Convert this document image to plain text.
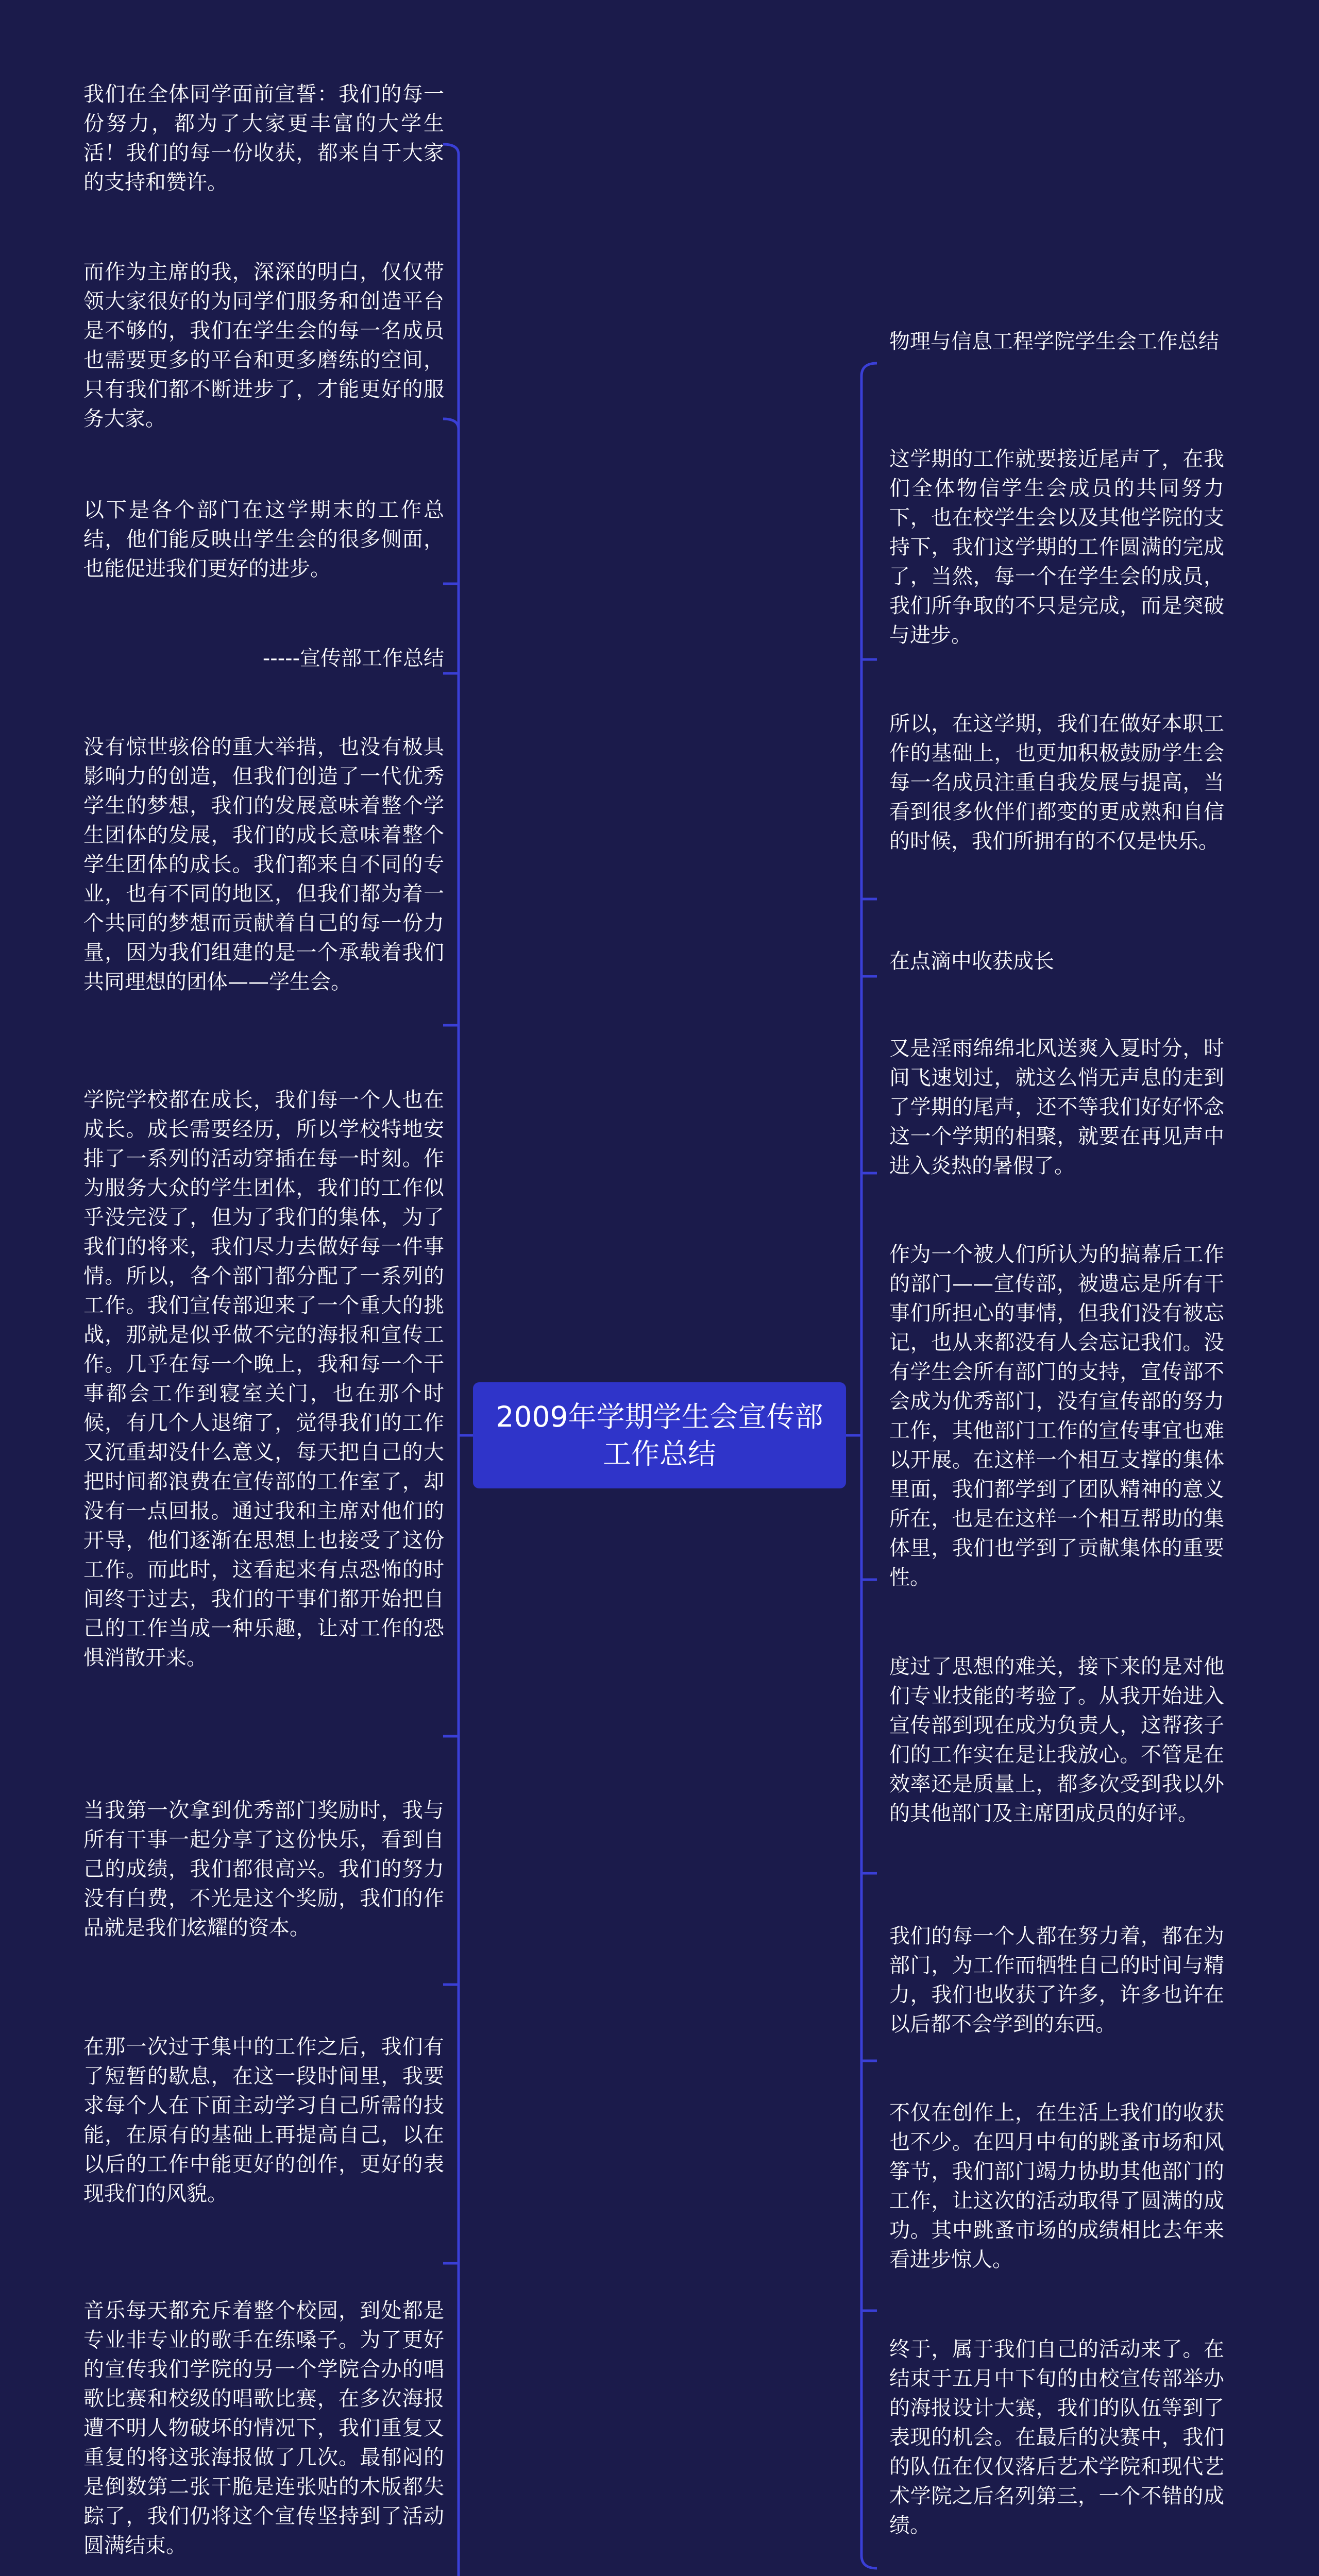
2009年学期学生会宣传部工作总结
我们在全体同学面前宣誓：我们的每一份努力，都为了大家更丰富的大学生活！我们的每一份收获，都来自于大家的支持和赞许。
而作为主席的我，深深的明白，仅仅带领大家很好的为同学们服务和创造平台是不够的，我们在学生会的每一名成员也需要更多的平台和更多磨练的空间，只有我们都不断进步了，才能更好的服务大家。
以下是各个部门在这学期末的工作总结，他们能反映出学生会的很多侧面，也能促进我们更好的进步。
-----宣传部工作总结
没有惊世骇俗的重大举措，也没有极具影响力的创造，但我们创造了一代优秀学生的梦想，我们的发展意味着整个学生团体的发展，我们的成长意味着整个学生团体的成长。我们都来自不同的专业，也有不同的地区，但我们都为着一个共同的梦想而贡献着自己的每一份力量，因为我们组建的是一个承载着我们共同理想的团体——学生会。
学院学校都在成长，我们每一个人也在成长。成长需要经历，所以学校特地安排了一系列的活动穿插在每一时刻。作为服务大众的学生团体，我们的工作似乎没完没了，但为了我们的集体，为了我们的将来，我们尽力去做好每一件事情。所以，各个部门都分配了一系列的工作。我们宣传部迎来了一个重大的挑战，那就是似乎做不完的海报和宣传工作。几乎在每一个晚上，我和每一个干事都会工作到寝室关门，也在那个时候，有几个人退缩了，觉得我们的工作又沉重却没什么意义，每天把自己的大把时间都浪费在宣传部的工作室了，却没有一点回报。通过我和主席对他们的开导，他们逐渐在思想上也接受了这份工作。而此时，这看起来有点恐怖的时间终于过去，我们的干事们都开始把自己的工作当成一种乐趣，让对工作的恐惧消散开来。
当我第一次拿到优秀部门奖励时，我与所有干事一起分享了这份快乐，看到自己的成绩，我们都很高兴。我们的努力没有白费，不光是这个奖励，我们的作品就是我们炫耀的资本。
在那一次过于集中的工作之后，我们有了短暂的歇息，在这一段时间里，我要求每个人在下面主动学习自己所需的技能，在原有的基础上再提高自己，以在以后的工作中能更好的创作，更好的表现我们的风貌。
音乐每天都充斥着整个校园，到处都是专业非专业的歌手在练嗓子。为了更好的宣传我们学院的另一个学院合办的唱歌比赛和校级的唱歌比赛，在多次海报遭不明人物破坏的情况下，我们重复又重复的将这张海报做了几次。最郁闷的是倒数第二张干脆是连张贴的木版都失踪了，我们仍将这个宣传坚持到了活动圆满结束。
物理与信息工程学院学生会工作总结
这学期的工作就要接近尾声了，在我们全体物信学生会成员的共同努力下，也在校学生会以及其他学院的支持下，我们这学期的工作圆满的完成了，当然，每一个在学生会的成员，我们所争取的不只是完成，而是突破与进步。
所以，在这学期，我们在做好本职工作的基础上，也更加积极鼓励学生会每一名成员注重自我发展与提高，当看到很多伙伴们都变的更成熟和自信的时候，我们所拥有的不仅是快乐。
在点滴中收获成长
又是淫雨绵绵北风送爽入夏时分，时间飞速划过，就这么悄无声息的走到了学期的尾声，还不等我们好好怀念这一个学期的相聚，就要在再见声中进入炎热的暑假了。
作为一个被人们所认为的搞幕后工作的部门——宣传部，被遗忘是所有干事们所担心的事情，但我们没有被忘记，也从来都没有人会忘记我们。没有学生会所有部门的支持，宣传部不会成为优秀部门，没有宣传部的努力工作，其他部门工作的宣传事宜也难以开展。在这样一个相互支撑的集体里面，我们都学到了团队精神的意义所在，也是在这样一个相互帮助的集体里，我们也学到了贡献集体的重要性。
度过了思想的难关，接下来的是对他们专业技能的考验了。从我开始进入宣传部到现在成为负责人，这帮孩子们的工作实在是让我放心。不管是在效率还是质量上，都多次受到我以外的其他部门及主席团成员的好评。
我们的每一个人都在努力着，都在为部门，为工作而牺牲自己的时间与精力，我们也收获了许多，许多也许在以后都不会学到的东西。
不仅在创作上，在生活上我们的收获也不少。在四月中旬的跳蚤市场和风筝节，我们部门竭力协助其他部门的工作，让这次的活动取得了圆满的成功。其中跳蚤市场的成绩相比去年来看进步惊人。
终于，属于我们自己的活动来了。在结束于五月中下旬的由校宣传部举办的海报设计大赛，我们的队伍等到了表现的机会。在最后的决赛中，我们的队伍在仅仅落后艺术学院和现代艺术学院之后名列第三，一个不错的成绩。
